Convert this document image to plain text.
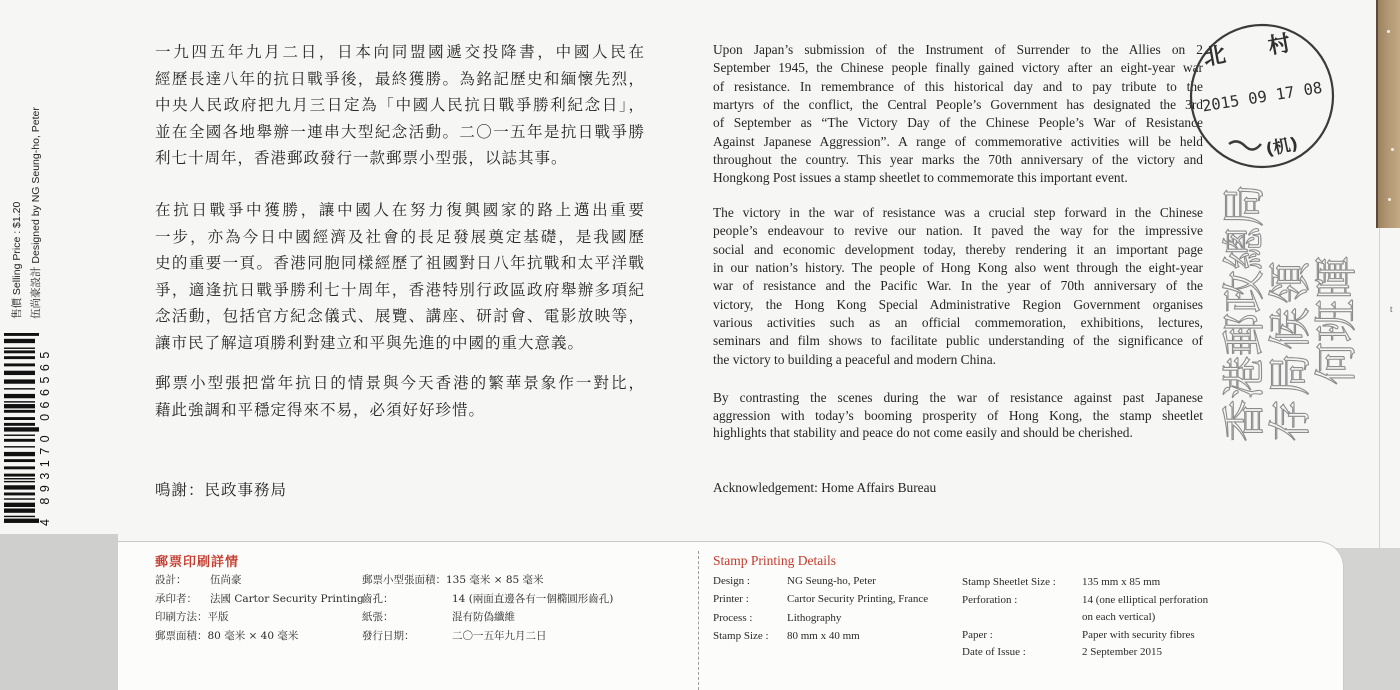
t
售價 Selling Price : $1.20 伍尚豪設計 Designed by NG Seung-ho, Peter
4 893170 066565
一九四五年九月二日，日本向同盟國遞交投降書，中國人民在
經歷長達八年的抗日戰爭後，最終獲勝。為銘記歷史和緬懷先烈，
中央人民政府把九月三日定為「中國人民抗日戰爭勝利紀念日」，
並在全國各地舉辦一連串大型紀念活動。二〇一五年是抗日戰爭勝
利七十周年，香港郵政發行一款郵票小型張，以誌其事。
在抗日戰爭中獲勝，讓中國人在努力復興國家的路上邁出重要
一步，亦為今日中國經濟及社會的長足發展奠定基礎，是我國歷
史的重要一頁。香港同胞同樣經歷了祖國對日八年抗戰和太平洋戰
爭，適逢抗日戰爭勝利七十周年，香港特別行政區政府舉辦多項紀
念活動，包括官方紀念儀式、展覽、講座、研討會、電影放映等，
讓市民了解這項勝利對建立和平與先進的中國的重大意義。
郵票小型張把當年抗日的情景與今天香港的繁華景象作一對比，
藉此強調和平穩定得來不易，必須好好珍惜。
鳴謝：民政事務局
Upon Japan’s submission of the Instrument of Surrender to the Allies on 2
September 1945, the Chinese people finally gained victory after an eight-year war
of resistance. In remembrance of this historical day and to pay tribute to the
martyrs of the conflict, the Central People’s Government has designated the 3rd
of September as “The Victory Day of the Chinese People’s War of Resistance
Against Japanese Aggression”. A range of commemorative activities will be held
throughout the country. This year marks the 70th anniversary of the victory and
Hongkong Post issues a stamp sheetlet to commemorate this important event.
The victory in the war of resistance was a crucial step forward in the Chinese
people’s endeavour to revive our nation. It paved the way for the impressive
social and economic development today, thereby rendering it an important page
in our nation’s history. The people of Hong Kong also went through the eight-year
war of resistance and the Pacific War. In the year of 70th anniversary of the
victory, the Hong Kong Special Administrative Region Government organises
various activities such as an official commemoration, exhibitions, lectures,
seminars and film shows to facilitate public understanding of the significance of
the victory to building a peaceful and modern China.
By contrasting the scenes during the war of resistance against past Japanese
aggression with today’s booming prosperity of Hong Kong, the stamp sheetlet
highlights that stability and peace do not come easily and should be cherished.
Acknowledgement: Home Affairs Bureau
香港郵政總局
存局候領
何班暉
北 村
2015 09 17 08
(机)
郵票印刷詳情
設計： 伍尚豪
承印者： 法國 Cartor Security Printing
印刷方法：平版
郵票面積：80 毫米 × 40 毫米
郵票小型張面積：135 毫米 × 85 毫米
齒孔：	14 (兩面直邊各有一個橢圓形齒孔)
紙張：	混有防偽纖維
發行日期：	二〇一五年九月二日
Stamp Printing Details
Design :	NG Seung-ho, Peter
Printer :	Cartor Security Printing, France
Process :	Lithography
Stamp Size : 80 mm x 40 mm
Stamp Sheetlet Size : 135 mm x 85 mm
Perforation :	14 (one elliptical perforation
on each vertical)
Paper :	Paper with security fibres
Date of Issue :	2 September 2015
